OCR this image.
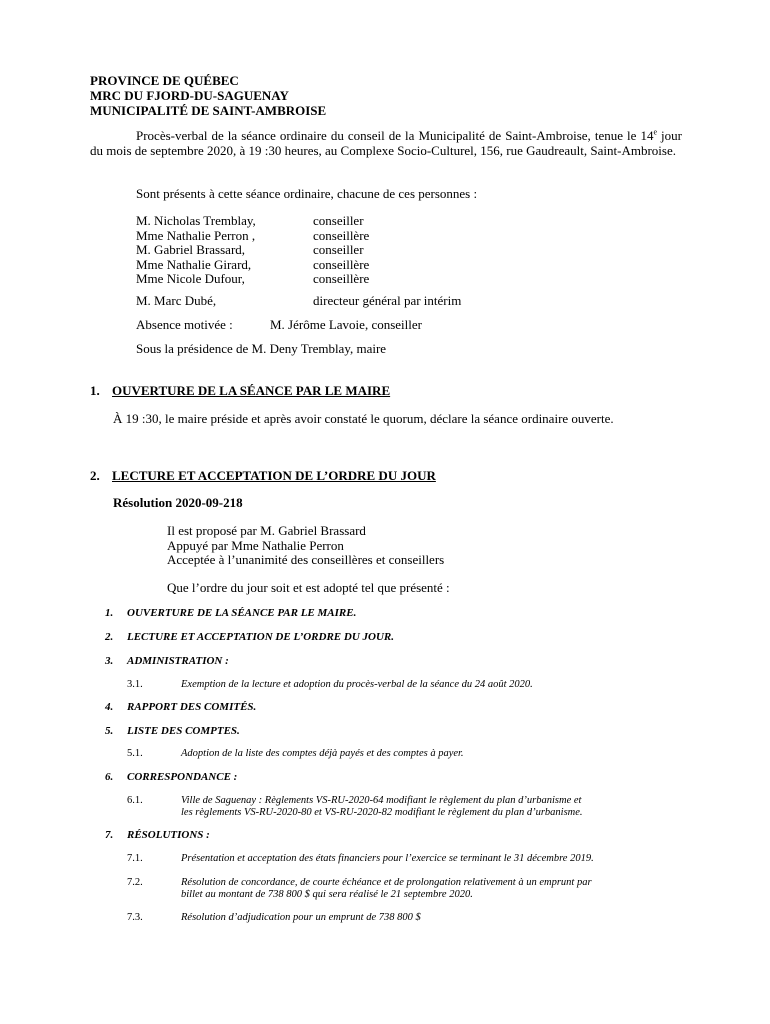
PROVINCE DE QUÉBEC
MRC DU FJORD-DU-SAGUENAY
MUNICIPALITÉ DE SAINT-AMBROISE
Procès-verbal de la séance ordinaire du conseil de la Municipalité de Saint-Ambroise, tenue le 14e jour du mois de septembre 2020, à 19 :30 heures, au Complexe Socio-Culturel, 156, rue Gaudreault, Saint-Ambroise.
Sont présents à cette séance ordinaire, chacune de ces personnes :
M. Nicholas Tremblay,	conseiller
Mme Nathalie Perron ,	conseillère
M. Gabriel Brassard,	conseiller
Mme Nathalie Girard,	conseillère
Mme Nicole Dufour,	conseillère
M. Marc Dubé,	directeur général par intérim
Absence motivée :	M. Jérôme Lavoie, conseiller
Sous la présidence de M. Deny Tremblay, maire
1. OUVERTURE DE LA SÉANCE PAR LE MAIRE
À 19 :30, le maire préside et après avoir constaté le quorum, déclare la séance ordinaire ouverte.
2. LECTURE ET ACCEPTATION DE L’ORDRE DU JOUR
Résolution 2020-09-218
Il est proposé par M. Gabriel Brassard
Appuyé par Mme Nathalie Perron
Acceptée à l’unanimité des conseillères et conseillers
Que l’ordre du jour soit et est adopté tel que présenté :
1. OUVERTURE DE LA SÉANCE PAR LE MAIRE.
2. LECTURE ET ACCEPTATION DE L’ORDRE DU JOUR.
3. ADMINISTRATION :
3.1.	Exemption de la lecture et adoption du procès-verbal de la séance du 24 août 2020.
4. RAPPORT DES COMITÉS.
5. LISTE DES COMPTES.
5.1.	Adoption de la liste des comptes déjà payés et des comptes à payer.
6. CORRESPONDANCE :
6.1.	Ville de Saguenay : Règlements VS-RU-2020-64 modifiant le règlement du plan d’urbanisme et
les règlements VS-RU-2020-80 et VS-RU-2020-82 modifiant le règlement du plan d’urbanisme.
7. RÉSOLUTIONS :
7.1.	Présentation et acceptation des états financiers pour l’exercice se terminant le 31 décembre 2019.
7.2.	Résolution de concordance, de courte échéance et de prolongation relativement à un emprunt par
billet au montant de 738 800 $ qui sera réalisé le 21 septembre 2020.
7.3.	Résolution d’adjudication pour un emprunt de 738 800 $
